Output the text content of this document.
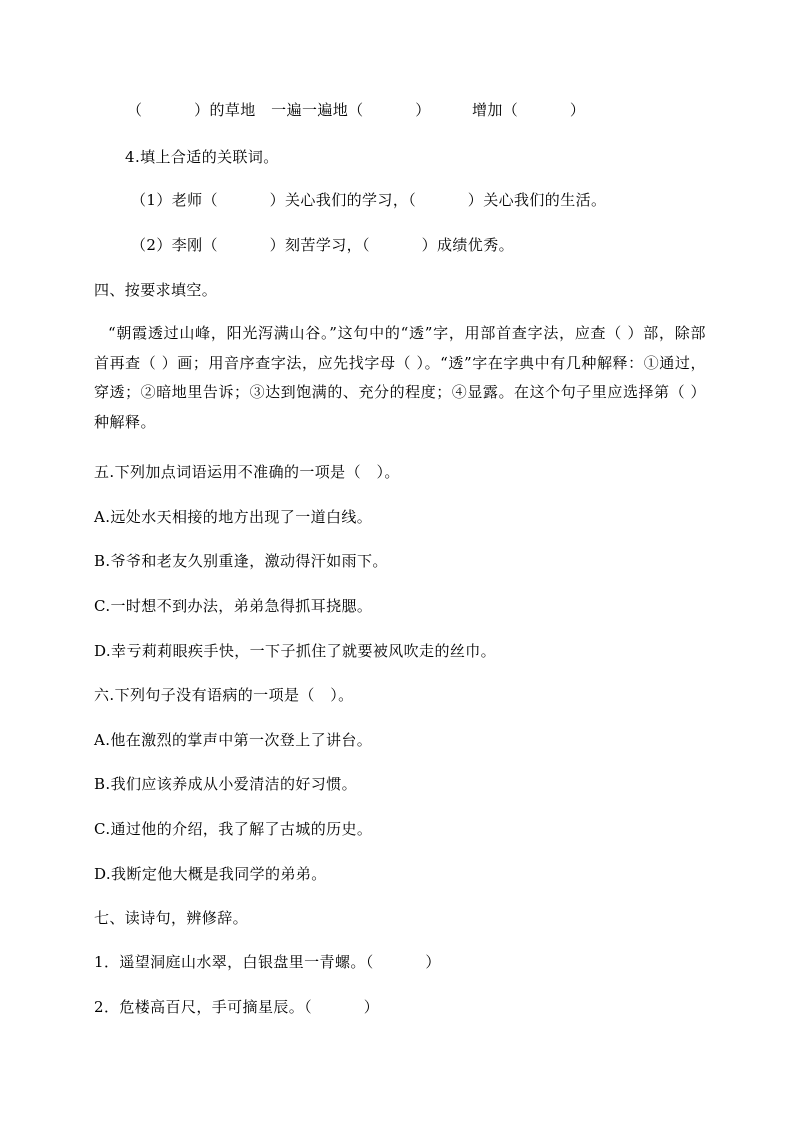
（          ）的草地   一遍一遍地（          ）        增加（          ）
4.填上合适的关联词。
（1）老师（          ）关心我们的学习，（          ）关心我们的生活。
（2）李刚（          ）刻苦学习，（          ）成绩优秀。
四、按要求填空。
“朝霞透过山峰，阳光泻满山谷。”这句中的“透”字，用部首查字法，应查（ ）部，除部首再查（ ）画；用音序查字法，应先找字母（ ）。“透”字在字典中有几种解释：①通过，穿透；②暗地里告诉；③达到饱满的、充分的程度；④显露。在这个句子里应选择第（ ）种解释。
五.下列加点词语运用不准确的一项是（   ）。
A.远处水天相接的地方出现了一道白线。
B.爷爷和老友久别重逢，激动得汗如雨下。
C.一时想不到办法，弟弟急得抓耳挠腮。
D.幸亏莉莉眼疾手快，一下子抓住了就要被风吹走的丝巾。
六.下列句子没有语病的一项是（   ）。
A.他在激烈的掌声中第一次登上了讲台。
B.我们应该养成从小爱清洁的好习惯。
C.通过他的介绍，我了解了古城的历史。
D.我断定他大概是我同学的弟弟。
七、读诗句，辨修辞。
1．遥望洞庭山水翠，白银盘里一青螺。（          ）
2．危楼高百尺，手可摘星辰。（          ）
